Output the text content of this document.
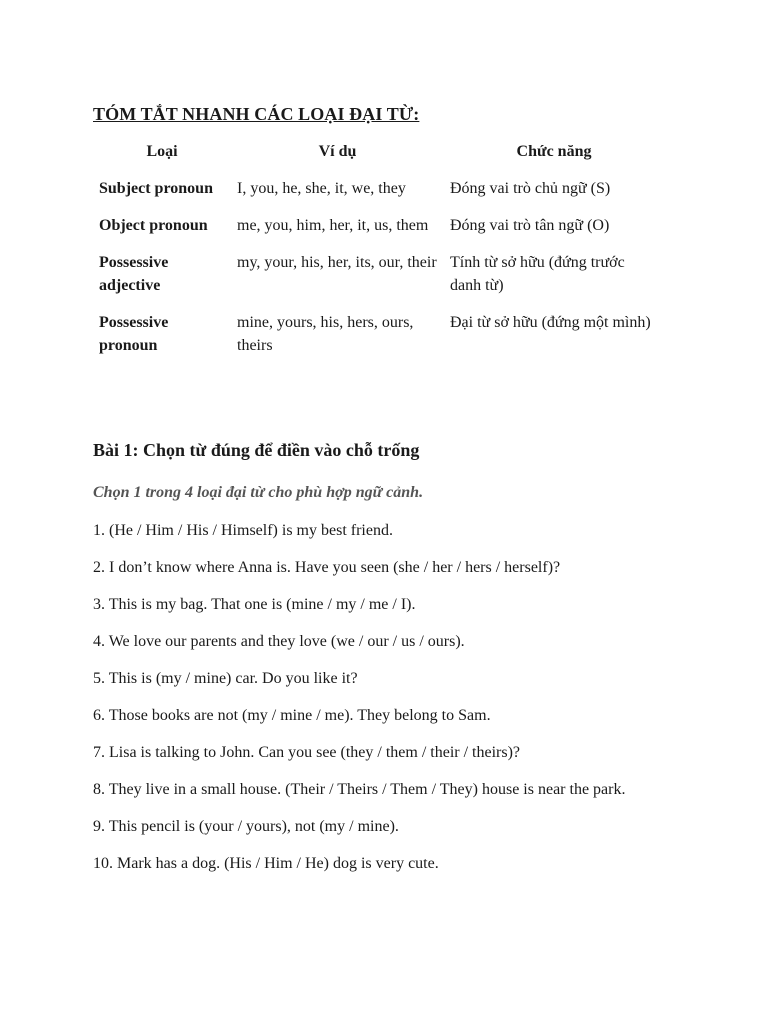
TÓM TẮT NHANH CÁC LOẠI ĐẠI TỪ:
Loại	Ví dụ	Chức năng
Subject pronoun	I, you, he, she, it, we, they	Đóng vai trò chủ ngữ (S)
Object pronoun	me, you, him, her, it, us, them	Đóng vai trò tân ngữ (O)
Possessive adjective	my, your, his, her, its, our, their	Tính từ sở hữu (đứng trước danh từ)
Possessive pronoun	mine, yours, his, hers, ours, theirs	Đại từ sở hữu (đứng một mình)
Bài 1: Chọn từ đúng để điền vào chỗ trống
Chọn 1 trong 4 loại đại từ cho phù hợp ngữ cảnh.
1. (He / Him / His / Himself) is my best friend.
2. I don’t know where Anna is. Have you seen (she / her / hers / herself)?
3. This is my bag. That one is (mine / my / me / I).
4. We love our parents and they love (we / our / us / ours).
5. This is (my / mine) car. Do you like it?
6. Those books are not (my / mine / me). They belong to Sam.
7. Lisa is talking to John. Can you see (they / them / their / theirs)?
8. They live in a small house. (Their / Theirs / Them / They) house is near the park.
9. This pencil is (your / yours), not (my / mine).
10. Mark has a dog. (His / Him / He) dog is very cute.
